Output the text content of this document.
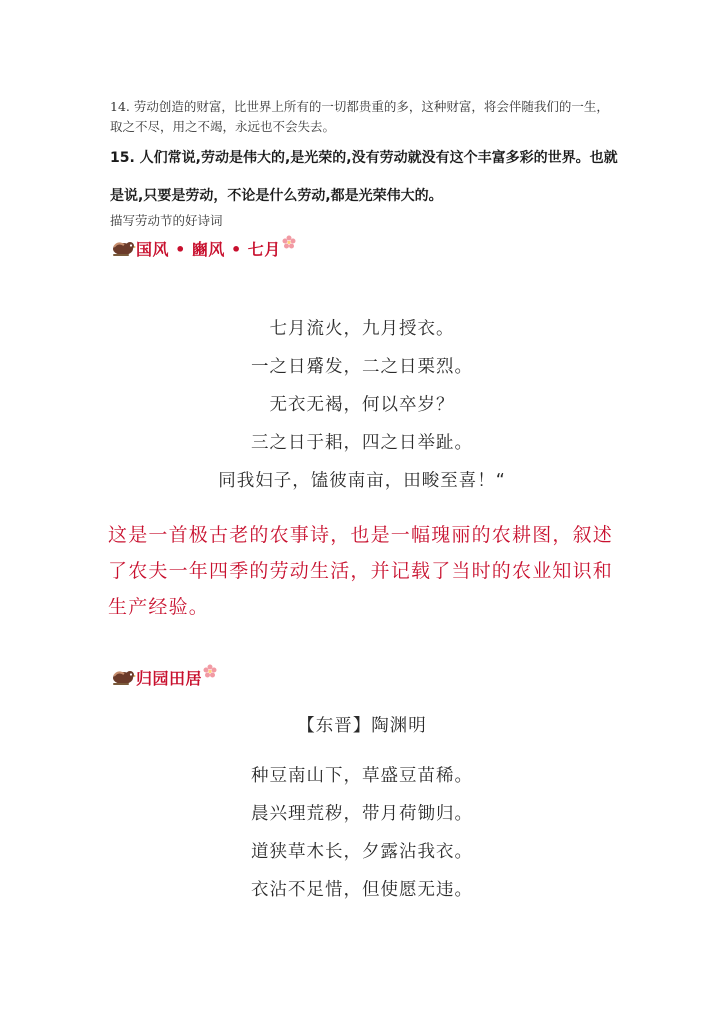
14. 劳动创造的财富，比世界上所有的一切都贵重的多，这种财富，将会伴随我们的一生，取之不尽，用之不竭，永远也不会失去。
15. 人们常说,劳动是伟大的,是光荣的,没有劳动就没有这个丰富多彩的世界。也就是说,只要是劳动，不论是什么劳动,都是光荣伟大的。
描写劳动节的好诗词
国风 • 豳风 • 七月
七月流火，九月授衣。
一之日觱发，二之日栗烈。
无衣无褐，何以卒岁？
三之日于耜，四之日举趾。
同我妇子，馌彼南亩，田畯至喜！“
这是一首极古老的农事诗，也是一幅瑰丽的农耕图，叙述了农夫一年四季的劳动生活，并记载了当时的农业知识和生产经验。
归园田居
【东晋】陶渊明
种豆南山下，草盛豆苗稀。
晨兴理荒秽，带月荷锄归。
道狭草木长，夕露沾我衣。
衣沾不足惜，但使愿无违。
